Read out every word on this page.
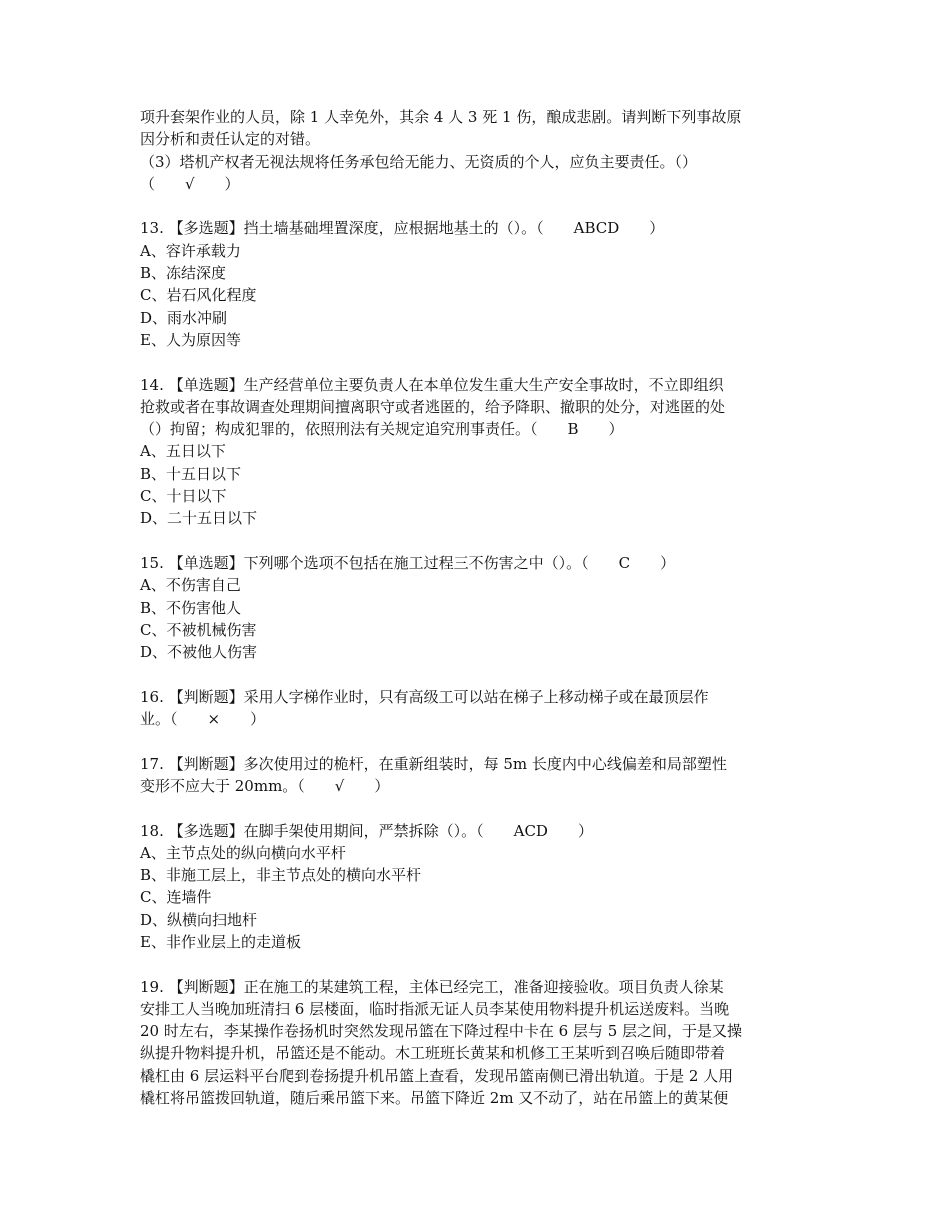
项升套架作业的人员，除 1 人幸免外，其余 4 人 3 死 1 伤，酿成悲剧。请判断下列事故原
因分析和责任认定的对错。
（3）塔机产权者无视法规将任务承包给无能力、无资质的个人，应负主要责任。（）
（　　√　　）
13. 【多选题】挡土墙基础埋置深度，应根据地基土的（）。（　　ABCD　　）
A、容许承载力
B、冻结深度
C、岩石风化程度
D、雨水冲刷
E、人为原因等
14. 【单选题】生产经营单位主要负责人在本单位发生重大生产安全事故时，不立即组织
抢救或者在事故调查处理期间擅离职守或者逃匿的，给予降职、撤职的处分，对逃匿的处
（）拘留；构成犯罪的，依照刑法有关规定追究刑事责任。（　　B　　）
A、五日以下
B、十五日以下
C、十日以下
D、二十五日以下
15. 【单选题】下列哪个选项不包括在施工过程三不伤害之中（）。（　　C　　）
A、不伤害自己
B、不伤害他人
C、不被机械伤害
D、不被他人伤害
16. 【判断题】采用人字梯作业时，只有高级工可以站在梯子上移动梯子或在最顶层作
业。（　　×　　）
17. 【判断题】多次使用过的桅杆，在重新组装时，每 5m 长度内中心线偏差和局部塑性
变形不应大于 20mm。（　　√　　）
18. 【多选题】在脚手架使用期间，严禁拆除（）。（　　ACD　　）
A、主节点处的纵向横向水平杆
B、非施工层上，非主节点处的横向水平杆
C、连墙件
D、纵横向扫地杆
E、非作业层上的走道板
19. 【判断题】正在施工的某建筑工程，主体已经完工，准备迎接验收。项目负责人徐某
安排工人当晚加班清扫 6 层楼面，临时指派无证人员李某使用物料提升机运送废料。当晚
20 时左右，李某操作卷扬机时突然发现吊篮在下降过程中卡在 6 层与 5 层之间，于是又操
纵提升物料提升机，吊篮还是不能动。木工班班长黄某和机修工王某听到召唤后随即带着
橇杠由 6 层运料平台爬到卷扬提升机吊篮上查看，发现吊篮南侧已滑出轨道。于是 2 人用
橇杠将吊篮拨回轨道，随后乘吊篮下来。吊篮下降近 2m 又不动了，站在吊篮上的黄某便
